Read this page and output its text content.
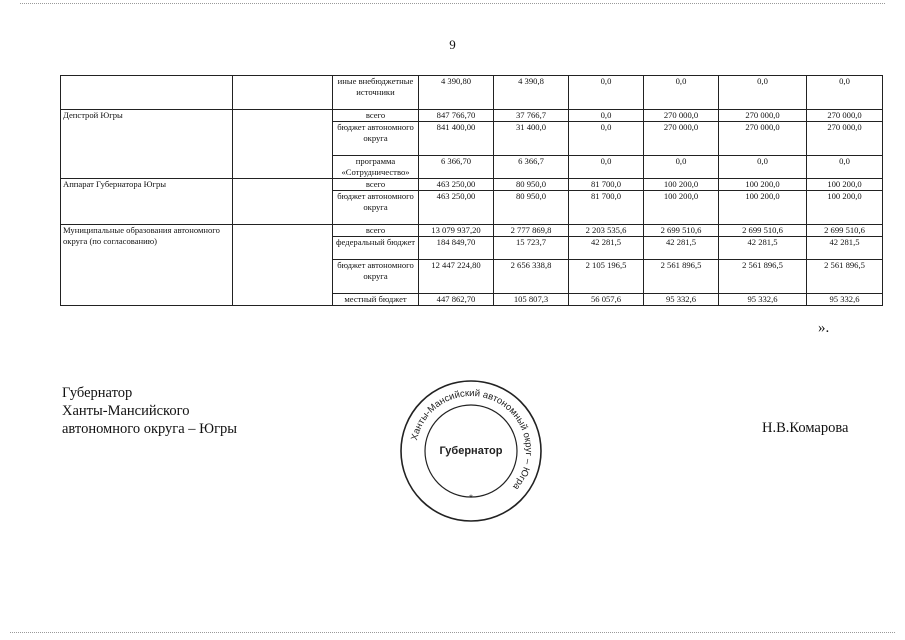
9
		иные внебюджетные источники	4 390,80	4 390,8	0,0	0,0	0,0	0,0
Депстрой Югры		всего	847 766,70	37 766,7	0,0	270 000,0	270 000,0	270 000,0
		бюджет автономного округа	841 400,00	31 400,0	0,0	270 000,0	270 000,0	270 000,0
		программа «Сотрудничество»	6 366,70	6 366,7	0,0	0,0	0,0	0,0
Аппарат Губернатора Югры		всего	463 250,00	80 950,0	81 700,0	100 200,0	100 200,0	100 200,0
		бюджет автономного округа	463 250,00	80 950,0	81 700,0	100 200,0	100 200,0	100 200,0
Муниципальные образования автономного округа (по согласованию)		всего	13 079 937,20	2 777 869,8	2 203 535,6	2 699 510,6	2 699 510,6	2 699 510,6
		федеральный бюджет	184 849,70	15 723,7	42 281,5	42 281,5	42 281,5	42 281,5
		бюджет автономного округа	12 447 224,80	2 656 338,8	2 105 196,5	2 561 896,5	2 561 896,5	2 561 896,5
		местный бюджет	447 862,70	105 807,3	56 057,6	95 332,6	95 332,6	95 332,6
».
Губернатор
Ханты-Мансийского
автономного округа – Югры
Ханты-Мансийский автономный округ – Югра
Губернатор
*
Н.В.Комарова
